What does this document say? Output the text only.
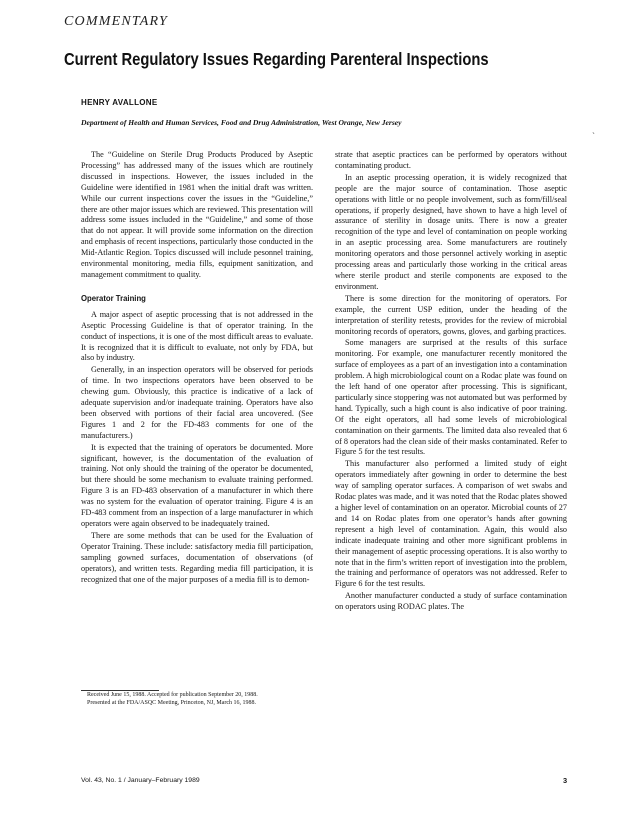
COMMENTARY
Current Regulatory Issues Regarding Parenteral Inspections
HENRY AVALLONE
Department of Health and Human Services, Food and Drug Administration, West Orange, New Jersey
ˎ

The “Guideline on Sterile Drug Products Produced by Aseptic Processing” has addressed many of the issues which are routinely discussed in inspections. However, the issues included in the Guideline were identified in 1981 when the initial draft was written. While our current inspections cover the issues in the “Guideline,” there are other major issues which are reviewed. This presentation will address some issues included in the “Guideline,” and some of those that do not appear. It will provide some information on the direction and emphasis of recent inspections, particularly those conducted in the Mid-Atlantic Region. Topics discussed will include pesonnel training, environmental monitoring, media fills, equipment sanitization, and management commitment to quality.

Operator Training

A major aspect of aseptic processing that is not addressed in the Aseptic Processing Guideline is that of operator training. In the conduct of inspections, it is one of the most difficult areas to evaluate. It is recognized that it is difficult to evaluate, not only by FDA, but also by industry.

Generally, in an inspection operators will be observed for periods of time. In two inspections operators have been observed to be chewing gum. Obviously, this practice is indicative of a lack of adequate supervision and/or inadequate training. Operators have also been observed with portions of their facial area uncovered. (See Figures 1 and 2 for the FD-483 comments for one of the manufacturers.)

It is expected that the training of operators be documented. More significant, however, is the documentation of the evaluation of training. Not only should the training of the operator be documented, but there should be some mechanism to evaluate training performed. Figure 3 is an FD-483 observation of a manufacturer in which there was no system for the evaluation of operator training. Figure 4 is an FD-483 comment from an inspection of a large manufacturer in which operators were again observed to be inadequately trained.

There are some methods that can be used for the Evaluation of Operator Training. These include: satisfactory media fill participation, sampling gowned surfaces, documentation of observations (of operators), and written tests. Regarding media fill participation, it is recognized that one of the major purposes of a media fill is to demon-

Received June 15, 1988. Accepted for publication September 20, 1988.

Presented at the FDA/ASQC Meeting, Princeton, NJ, March 16, 1988.

strate that aseptic practices can be performed by operators without contaminating product.

In an aseptic processing operation, it is widely recognized that people are the major source of contamination. Those aseptic operations with little or no people involvement, such as form/fill/seal operations, if properly designed, have shown to have a high level of assurance of sterility in dosage units. There is now a greater recognition of the type and level of contamination on people working in an aseptic processing area. Some manufacturers are routinely monitoring operators and those personnel actively working in aseptic processing areas and particularly those working in the critical areas where sterile product and sterile components are exposed to the environment.

There is some direction for the monitoring of operators. For example, the current USP edition, under the heading of the interpretation of sterility retests, provides for the review of microbial monitoring records of operators, gowns, gloves, and garbing practices.

Some managers are surprised at the results of this surface monitoring. For example, one manufacturer recently monitored the surface of employees as a part of an investigation into a contamination problem. A high microbiological count on a Rodac plate was found on the left hand of one operator after processing. This is significant, particularly since stoppering was not automated but was performed by hand. Typically, such a high count is also indicative of poor training. Of the eight operators, all had some levels of microbiological contamination on their garments. The limited data also revealed that 6 of 8 operators had the clean side of their masks contaminated. Refer to Figure 5 for the test results.

This manufacturer also performed a limited study of eight operators immediately after gowning in order to determine the best way of sampling operator surfaces. A comparison of wet swabs and Rodac plates was made, and it was noted that the Rodac plates showed a higher level of contamination on an operator. Microbial counts of 27 and 14 on Rodac plates from one operator’s hands after gowning represent a high level of contamination. Again, this would also indicate inadequate training and other more significant problems in their management of aseptic processing operations. It is also worthy to note that in the firm’s written report of investigation into the problem, the training and performance of operators was not addressed. Refer to Figure 6 for the test results.

Another manufacturer conducted a study of surface contamination on operators using RODAC plates. The

Vol. 43, No. 1 / January–February 1989	3
